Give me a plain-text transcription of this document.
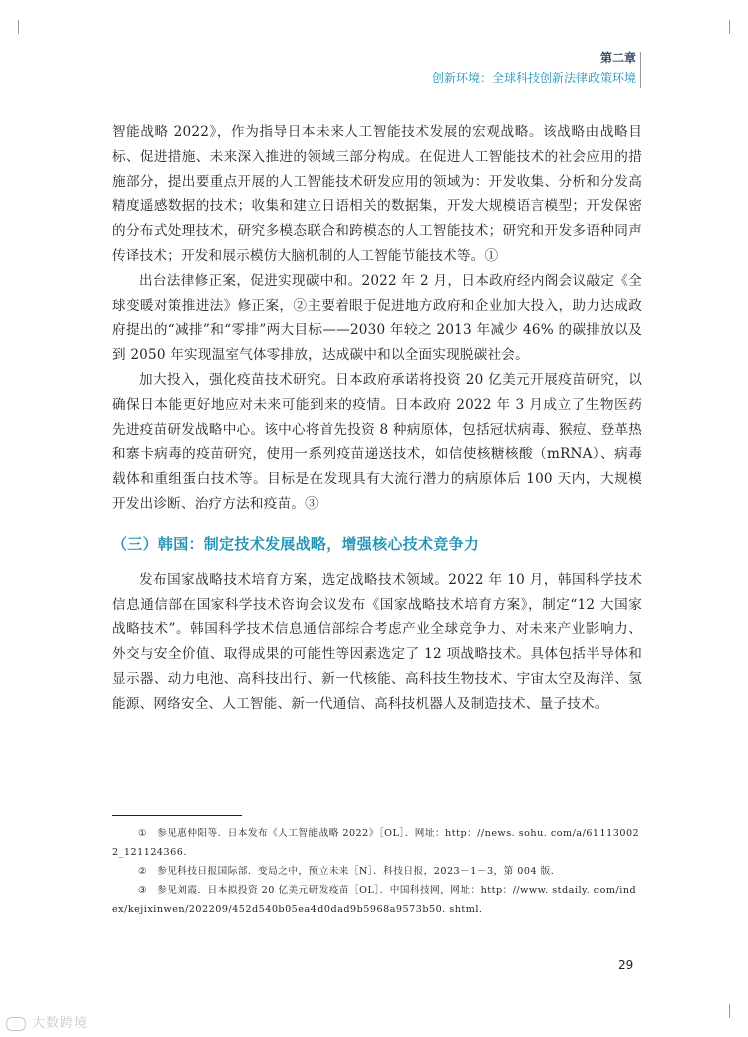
第二章
创新环境：全球科技创新法律政策环境

智能战略 2022》，作为指导日本未来人工智能技术发展的宏观战略。该战略由战略目标、促进措施、未来深入推进的领域三部分构成。在促进人工智能技术的社会应用的措施部分，提出要重点开展的人工智能技术研发应用的领域为：开发收集、分析和分发高精度遥感数据的技术；收集和建立日语相关的数据集，开发大规模语言模型；开发保密的分布式处理技术，研究多模态联合和跨模态的人工智能技术；研究和开发多语种同声传译技术；开发和展示模仿大脑机制的人工智能节能技术等。①

出台法律修正案，促进实现碳中和。2022 年 2 月，日本政府经内阁会议敲定《全球变暖对策推进法》修正案，②主要着眼于促进地方政府和企业加大投入，助力达成政府提出的“减排”和“零排”两大目标——2030 年较之 2013 年减少 46% 的碳排放以及到 2050 年实现温室气体零排放，达成碳中和以全面实现脱碳社会。

加大投入，强化疫苗技术研究。日本政府承诺将投资 20 亿美元开展疫苗研究，以确保日本能更好地应对未来可能到来的疫情。日本政府 2022 年 3 月成立了生物医药先进疫苗研发战略中心。该中心将首先投资 8 种病原体，包括冠状病毒、猴痘、登革热和寨卡病毒的疫苗研究，使用一系列疫苗递送技术，如信使核糖核酸（mRNA）、病毒载体和重组蛋白技术等。目标是在发现具有大流行潜力的病原体后 100 天内，大规模开发出诊断、治疗方法和疫苗。③

（三）韩国：制定技术发展战略，增强核心技术竞争力

发布国家战略技术培育方案，选定战略技术领域。2022 年 10 月，韩国科学技术信息通信部在国家科学技术咨询会议发布《国家战略技术培育方案》，制定“12 大国家战略技术”。韩国科学技术信息通信部综合考虑产业全球竞争力、对未来产业影响力、外交与安全价值、取得成果的可能性等因素选定了 12 项战略技术。具体包括半导体和显示器、动力电池、高科技出行、新一代核能、高科技生物技术、宇宙太空及海洋、氢能源、网络安全、人工智能、新一代通信、高科技机器人及制造技术、量子技术。

① 参见惠仲阳等．日本发布《人工智能战略 2022》［OL］．网址：http：//news. sohu. com/a/611130022_121124366.

② 参见科技日报国际部．变局之中，预立未来［N］．科技日报，2023－1－3，第 004 版．

③ 参见刘霞．日本拟投资 20 亿美元研发疫苗［OL］．中国科技网，网址：http：//www. stdaily. com/index/kejixinwen/202209/452d540b05ea4d0dad9b5968a9573b50. shtml.

29
大数跨境
